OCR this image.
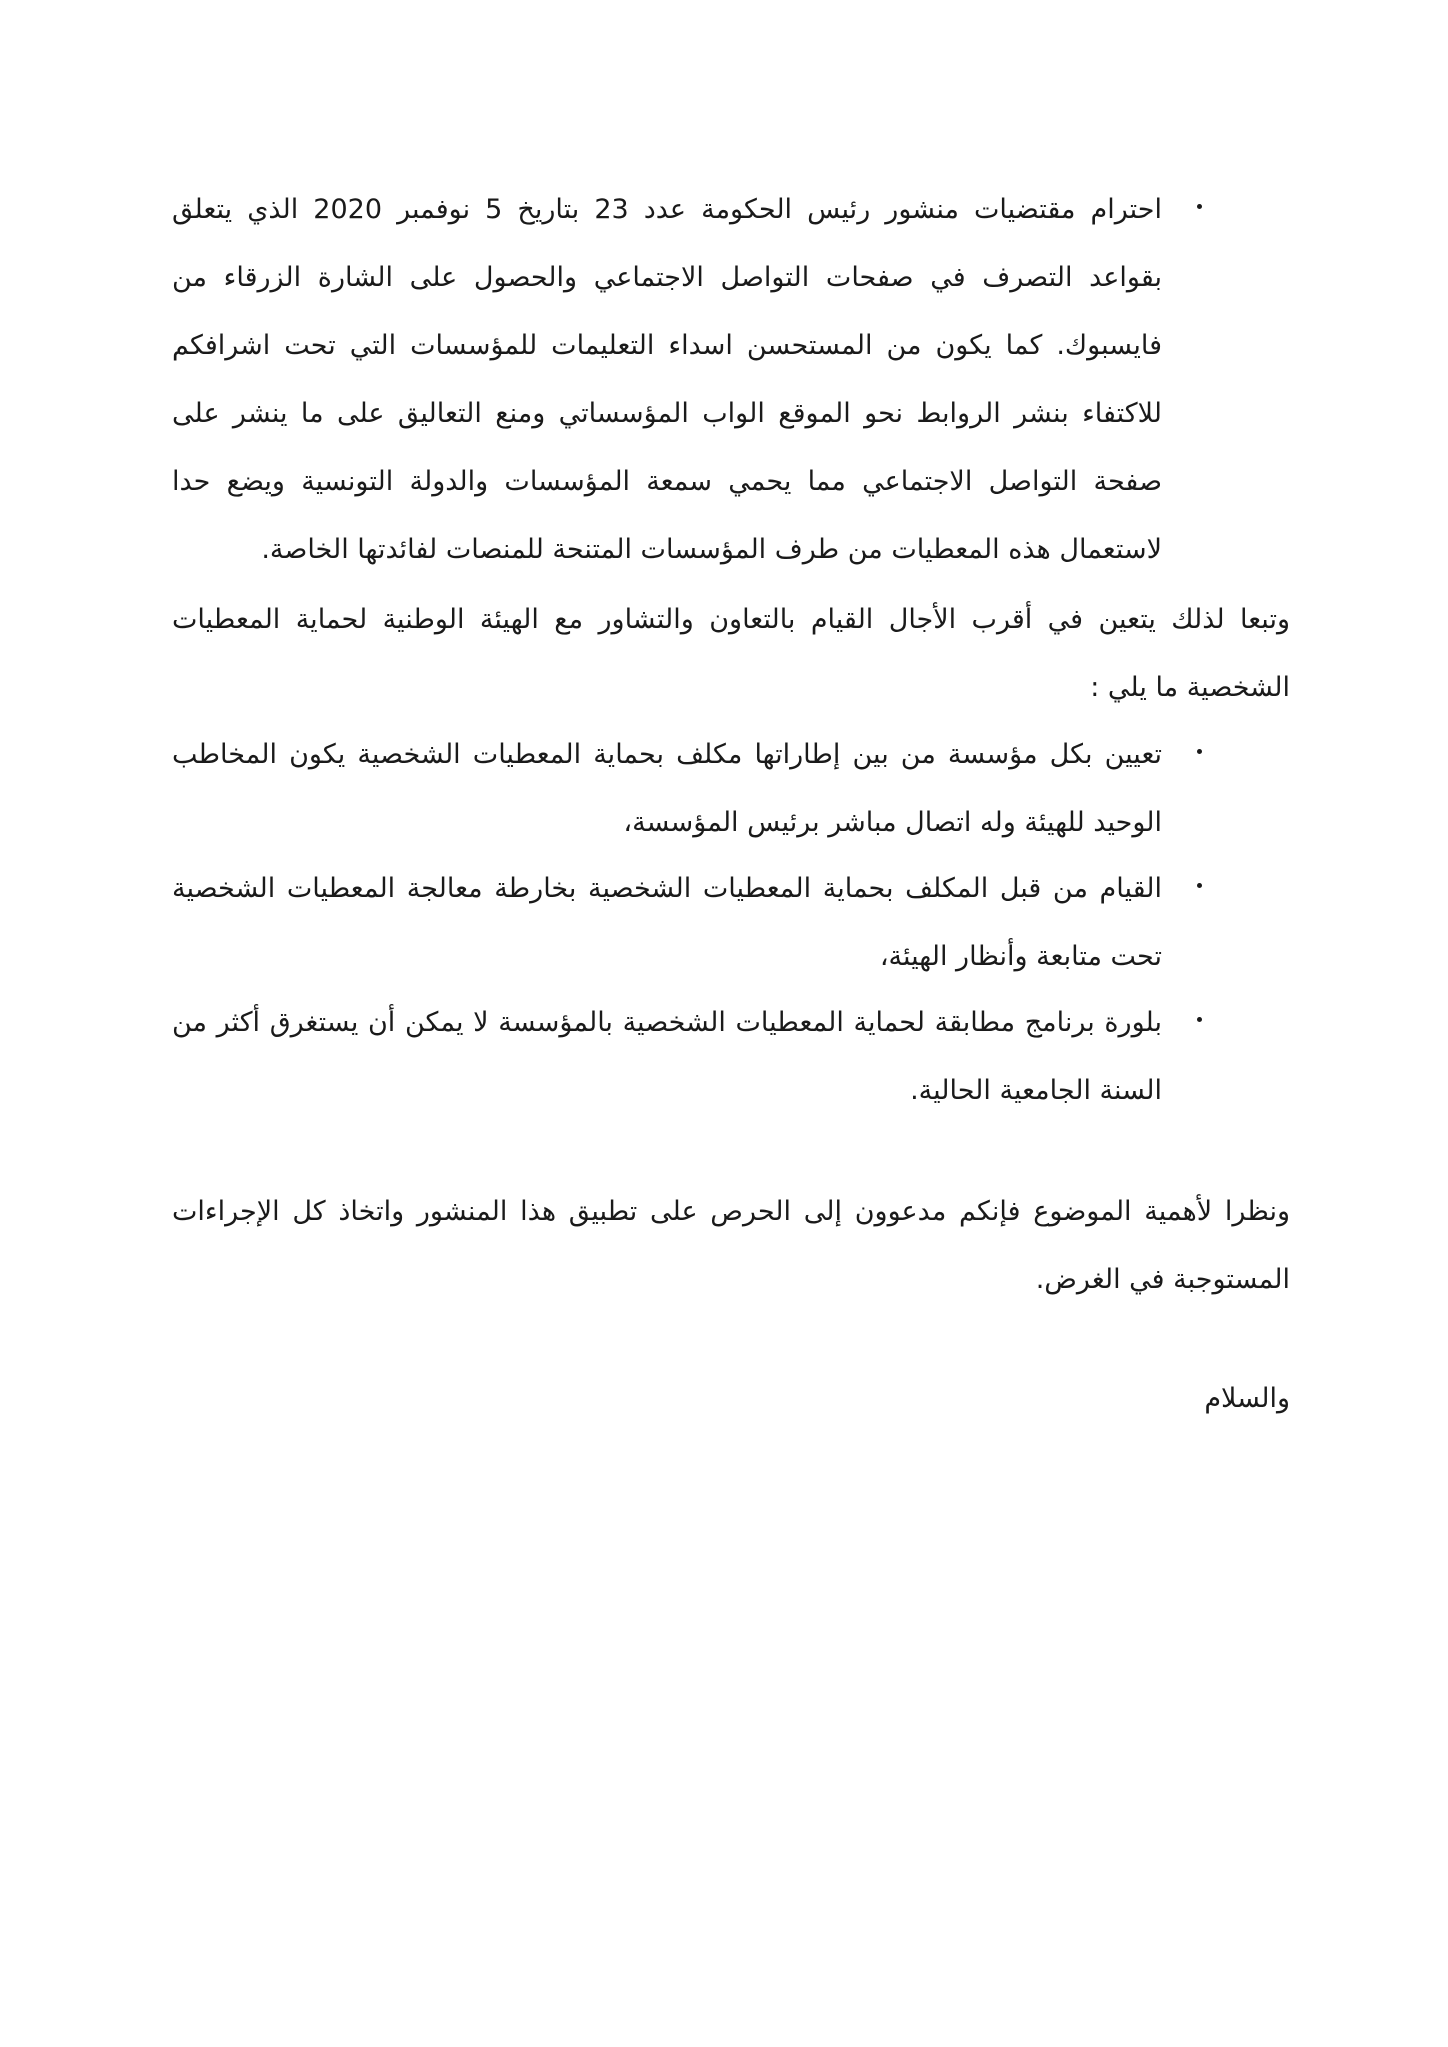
احترام مقتضيات منشور رئيس الحكومة عدد 23 بتاريخ 5 نوفمبر 2020 الذي يتعلق بقواعد التصرف في صفحات التواصل الاجتماعي والحصول على الشارة الزرقاء من فايسبوك. كما يكون من المستحسن اسداء التعليمات للمؤسسات التي تحت اشرافكم للاكتفاء بنشر الروابط نحو الموقع الواب المؤسساتي ومنع التعاليق على ما ينشر على صفحة التواصل الاجتماعي مما يحمي سمعة المؤسسات والدولة التونسية ويضع حدا لاستعمال هذه المعطيات من طرف المؤسسات المتنحة للمنصات لفائدتها الخاصة.

وتبعا لذلك يتعين في أقرب الأجال القيام بالتعاون والتشاور مع الهيئة الوطنية لحماية المعطيات الشخصية ما يلي :

تعيين بكل مؤسسة من بين إطاراتها مكلف بحماية المعطيات الشخصية يكون المخاطب الوحيد للهيئة وله اتصال مباشر برئيس المؤسسة،
القيام من قبل المكلف بحماية المعطيات الشخصية بخارطة معالجة المعطيات الشخصية تحت متابعة وأنظار الهيئة،
بلورة برنامج مطابقة لحماية المعطيات الشخصية بالمؤسسة لا يمكن أن يستغرق أكثر من السنة الجامعية الحالية.

ونظرا لأهمية الموضوع فإنكم مدعوون إلى الحرص على تطبيق هذا المنشور واتخاذ كل الإجراءات المستوجبة في الغرض.

والسلام
